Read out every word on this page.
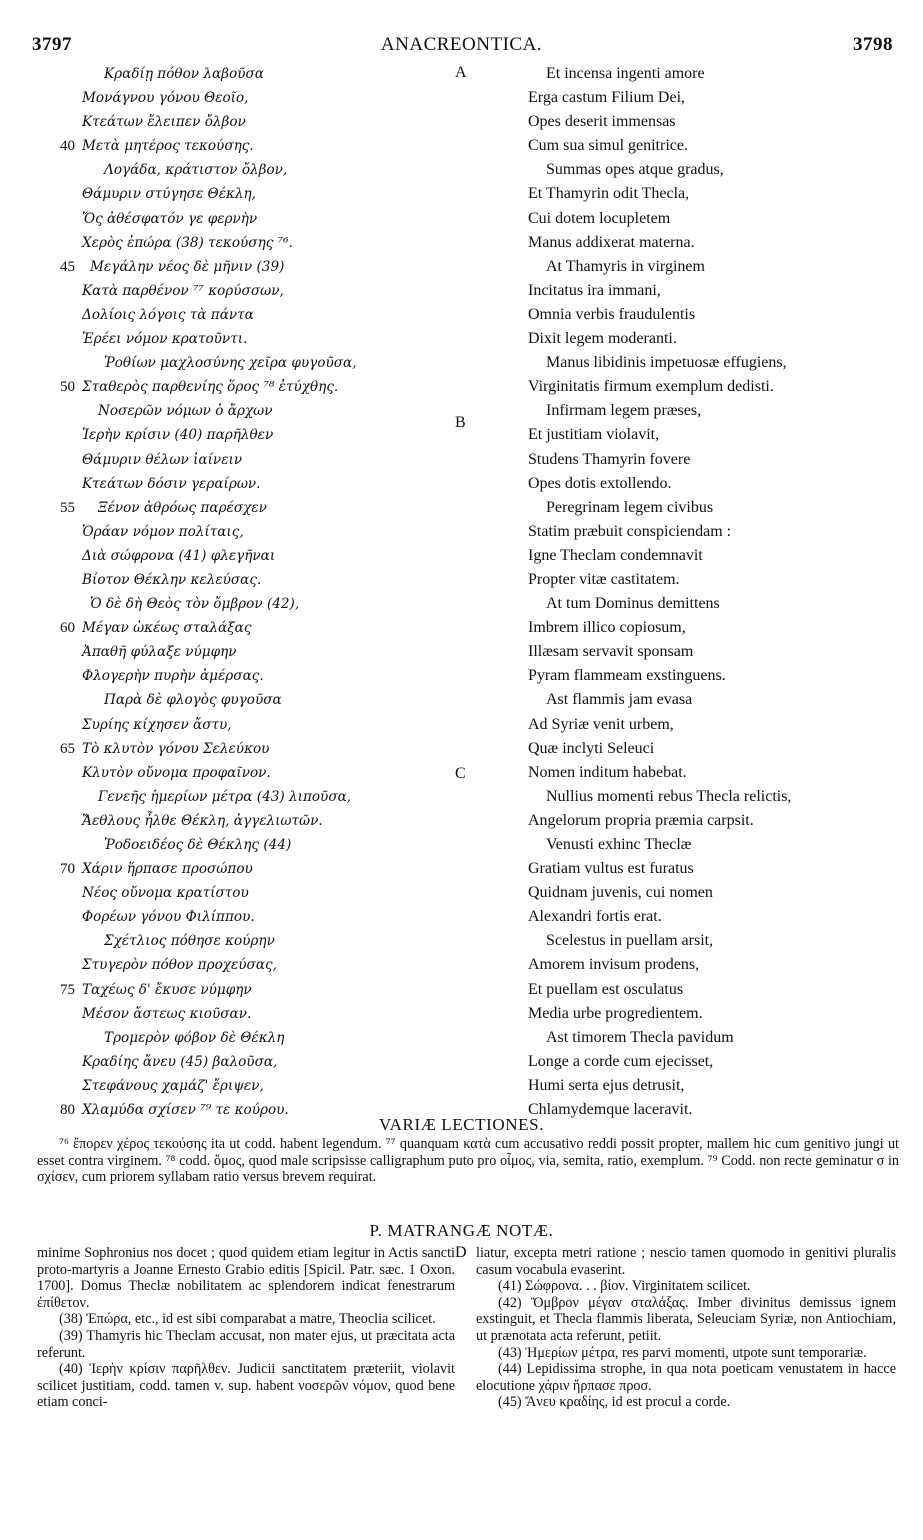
3797	ANACREONTICA.	3798
A
B
C
D
Κραδίῃ πόθον λαβοῦσα
Μονάγνου γόνου Θεοῖο,
Κτεάτων ἔλειπεν ὄλβον
40 Μετὰ μητέρος τεκούσης.
Λογάδα, κράτιστον ὄλβον,
Θάμυριν στύγησε Θέκλη,
Ὅς ἀθέσφατόν γε φερνὴν
Χερὸς ἐπώρα (38) τεκούσης ⁷⁶.
45	Μεγάλην νέος δὲ μῆνιν (39)
Κατὰ παρθένον ⁷⁷ κορύσσων,
Δολίοις λόγοις τὰ πάντα
Ἐρέει νόμον κρατοῦντι.
Ῥοθίων μαχλοσύνης χεῖρα φυγοῦσα,
50 Σταθερὸς παρθενίης ὅρος ⁷⁸ ἐτύχθης.
Νοσερῶν νόμων ὁ ἄρχων
Ἱερὴν κρίσιν (40) παρῆλθεν
Θάμυριν θέλων ἰαίνειν
Κτεάτων δόσιν γεραίρων.
55	Ξένον ἀθρόως παρέσχεν
Ὁράαν νόμον πολίταις,
Διὰ σώφρονα (41) φλεγῆναι
Βίοτον Θέκλην κελεύσας.
Ὁ δὲ δὴ Θεὸς τὸν ὄμβρον (42),
60 Μέγαν ὠκέως σταλάξας
Ἀπαθῆ φύλαξε νύμφην
Φλογερὴν πυρὴν ἀμέρσας.
Παρὰ δὲ φλογὸς φυγοῦσα
Συρίης κίχησεν ἄστυ,
65 Τὸ κλυτὸν γόνου Σελεύκου
Κλυτὸν οὔνομα προφαῖνον.
Γενεῆς ἡμερίων μέτρα (43) λιποῦσα,
Ἄεθλους ἦλθε Θέκλη, ἀγγελιωτῶν.
Ῥοδοειδέος δὲ Θέκλης (44)
70 Χάριν ἥρπασε προσώπου
Νέος οὔνομα κρατίστου
Φορέων γόνου Φιλίππου.
Σχέτλιος πόθησε κούρην
Στυγερὸν πόθον προχεύσας,
75 Ταχέως δ' ἔκυσε νύμφην
Μέσον ἄστεως κιοῦσαν.
Τρομερὸν φόβον δὲ Θέκλη
Κραδίης ἄνευ (45) βαλοῦσα,
Στεφάνους χαμάζ' ἔριψεν,
80 Χλαμύδα σχίσεν ⁷⁹ τε κούρου.
Et incensa ingenti amore
Erga castum Filium Dei,
Opes deserit immensas
Cum sua simul genitrice.
Summas opes atque gradus,
Et Thamyrin odit Thecla,
Cui dotem locupletem
Manus addixerat materna.
At Thamyris in virginem
Incitatus ira immani,
Omnia verbis fraudulentis
Dixit legem moderanti.
Manus libidinis impetuosæ effugiens,
Virginitatis firmum exemplum dedisti.
Infirmam legem præses,
Et justitiam violavit,
Studens Thamyrin fovere
Opes dotis extollendo.
Peregrinam legem civibus
Statim præbuit conspiciendam :
Igne Theclam condemnavit
Propter vitæ castitatem.
At tum Dominus demittens
Imbrem illico copiosum,
Illæsam servavit sponsam
Pyram flammeam exstinguens.
Ast flammis jam evasa
Ad Syriæ venit urbem,
Quæ inclyti Seleuci
Nomen inditum habebat.
Nullius momenti rebus Thecla relictis,
Angelorum propria præmia carpsit.
Venusti exhinc Theclæ
Gratiam vultus est furatus
Quidnam juvenis, cui nomen
Alexandri fortis erat.
Scelestus in puellam arsit,
Amorem invisum prodens,
Et puellam est osculatus
Media urbe progredientem.
Ast timorem Thecla pavidum
Longe a corde cum ejecisset,
Humi serta ejus detrusit,
Chlamydemque laceravit.
VARIÆ LECTIONES.

⁷⁶ ἔπορεν χέρος τεκούσης ita ut codd. habent legendum. ⁷⁷ quanquam κατὰ cum accusativo reddi possit propter, mallem hic cum genitivo jungi ut esset contra virginem. ⁷⁸ codd. ὅμος, quod male scripsisse calligraphum puto pro οἶμος, via, semita, ratio, exemplum. ⁷⁹ Codd. non recte geminatur σ in σχίσεν, cum priorem syllabam ratio versus brevem requirat.

P. MATRANGÆ NOTÆ.

minime Sophronius nos docet ; quod quidem etiam legitur in Actis sancti proto-martyris a Joanne Ernesto Grabio editis [Spicil. Patr. sæc. 1 Oxon. 1700]. Domus Theclæ nobilitatem ac splendorem indicat fenestrarum ἐπίθετον.

(38) Ἐπώρα, etc., id est sibi comparabat a matre, Theoclia scilicet.

(39) Thamyris hic Theclam accusat, non mater ejus, ut præcitata acta referunt.

(40) Ἱερὴν κρίσιν παρῆλθεν. Judicii sanctitatem præteriit, violavit scilicet justitiam, codd. tamen v. sup. habent νοσερῶν νόμον, quod bene etiam conci-

liatur, excepta metri ratione ; nescio tamen quomodo in genitivi pluralis casum vocabula evaserint.

(41) Σώφρονα. . . βίον. Virginitatem scilicet.

(42) Ὄμβρον μέγαν σταλάξας. Imber divinitus demissus ignem exstinguit, et Thecla flammis liberata, Seleuciam Syriæ, non Antiochiam, ut prænotata acta referunt, petiit.

(43) Ἡμερίων μέτρα, res parvi momenti, utpote sunt temporariæ.

(44) Lepidissima strophe, in qua nota poeticam venustatem in hacce elocutione χάριν ἥρπασε προσ.

(45) Ἄνευ κραδίης, id est procul a corde.
